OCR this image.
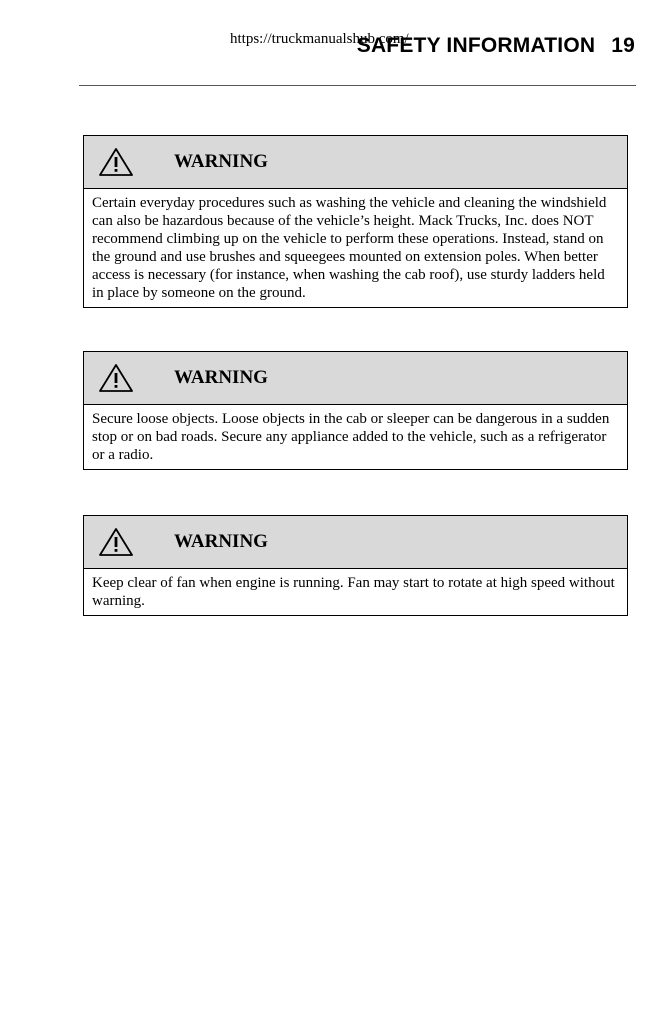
https://truckmanualshub.com/
SAFETY INFORMATION 19
WARNING
Certain everyday procedures such as washing the vehicle and cleaning the windshield can also be hazardous because of the vehicle’s height. Mack Trucks, Inc. does NOT recommend climbing up on the vehicle to perform these operations. Instead, stand on the ground and use brushes and squeegees mounted on extension poles. When better access is necessary (for instance, when washing the cab roof), use sturdy ladders held in place by someone on the ground.
WARNING
Secure loose objects. Loose objects in the cab or sleeper can be dangerous in a sudden stop or on bad roads. Secure any appliance added to the vehicle, such as a refrigerator or a radio.
WARNING
Keep clear of fan when engine is running. Fan may start to rotate at high speed without warning.
